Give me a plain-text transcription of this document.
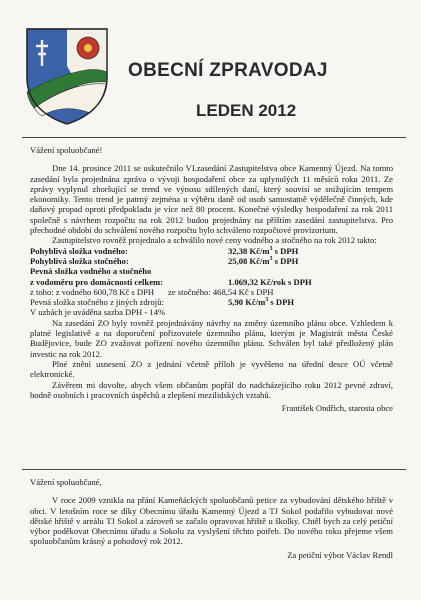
OBECNÍ ZPRAVODAJ
LEDEN 2012

Vážení spoluobčané!

Dne 14. prosince 2011 se uskutečnilo VI.zasedání Zastupitelstva obce Kamenný Újezd. Na tomto zasedání byla projednána zpráva o vývoji hospodaření obce za uplynulých 11 měsíců roku 2011. Ze zprávy vyplynul zhoršující se trend ve výnosu sdílených daní, který souvisí se snižujícím tempem ekonomiky. Tento trend je patrný zejména u výběru daně od osob samostatně výdělečně činných, kde daňový propad oproti předpokladu je více než 80 procent. Konečné výsledky hospodaření za rok 2011 společně s návrhem rozpočtu na rok 2012 budou projednány na příštím zasedání zastupitelstva. Pro přechodné období do schválení nového rozpočtu bylo schváleno rozpočtové provizorium.

Zastupitelstvo rovněž projednalo a schválilo nové ceny vodného a stočného na rok 2012 takto:

Pohyblivá složka vodného:	32,38 $Kč/m^3$ s DPH
Pohyblivá složka stočného:	25,08 $Kč/m^3$ s DPH
Pevná složka vodného a stočného
z vodoměru pro domácnosti celkem:	1.069,32 Kč/rok s DPH
z toho: z vodného 600,78 Kč s DPH	ze stočného: 468,54 Kč s DPH
Pevná složka stočného z jiných zdrojů:	5,90 $Kč/m^3$ s DPH
V uzbách je uváděna sazba DPH - 14%

Na zasedání ZO byly rovněž projednávány návrhy na změny územního plánu obce. Vzhledem k platné legislativě a na doporučení pořizovatele územního plánu, kterým je Magistrát města České Budějovice, bude ZO zvažovat pořízení nového územního plánu. Schválen byl také předložený plán investic na rok 2012.

Plné znění usnesení ZO z jednání včetně příloh je vyvěšeno na úřední desce OÚ včetně elektronické.

Závěrem mi dovolte, abych všem občanům popřál do nadcházejícího roku 2012 pevné zdraví, hodně osobních i pracovních úspěchů a zlepšení mezilidských vztahů.

František Ondřich, starosta obce

Vážení spoluobčané,

V roce 2009 vznikla na přání Kameňáckých spoluobčanů petice za vybudování dětského hřiště v obci. V letošním roce se díky Obecnímu úřadu Kamenný Újezd a TJ Sokol podařilo vybudovat nové dětské hřiště v areálu TJ Sokol a zároveň se začalo opravovat hřiště u školky. Chtěl bych za celý petiční výbor poděkovat Obecnímu úřadu a Sokolu za vyslyšení těchto potřeb. Do nového roku přejeme všem spoluobčanům krásný a pohodový rok 2012.

Za petiční výbor Václav Rendl
